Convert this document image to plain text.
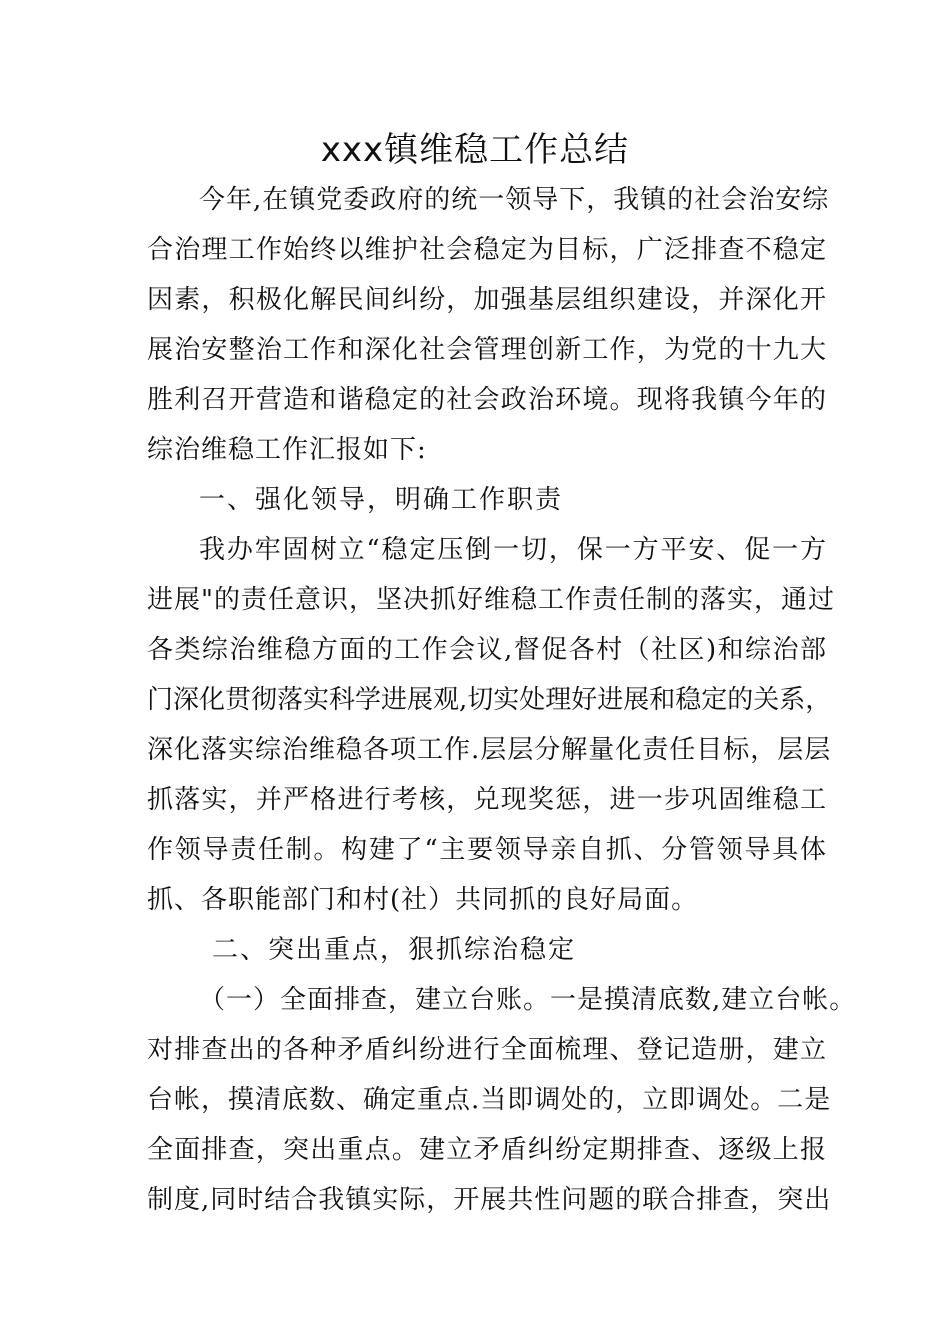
xxx镇维稳工作总结
今年,在镇党委政府的统一领导下，我镇的社会治安综
合治理工作始终以维护社会稳定为目标，广泛排查不稳定
因素，积极化解民间纠纷，加强基层组织建设，并深化开
展治安整治工作和深化社会管理创新工作，为党的十九大
胜利召开营造和谐稳定的社会政治环境。现将我镇今年的
综治维稳工作汇报如下:
一、强化领导，明确工作职责
我办牢固树立“稳定压倒一切，保一方平安、促一方
进展"的责任意识，坚决抓好维稳工作责任制的落实，通过
各类综治维稳方面的工作会议,督促各村（社区)和综治部
门深化贯彻落实科学进展观,切实处理好进展和稳定的关系，
深化落实综治维稳各项工作.层层分解量化责任目标，层层
抓落实，并严格进行考核，兑现奖惩，进一步巩固维稳工
作领导责任制。构建了“主要领导亲自抓、分管领导具体
抓、各职能部门和村(社）共同抓的良好局面。
二、突出重点，狠抓综治稳定
（一）全面排查，建立台账。一是摸清底数,建立台帐。
对排查出的各种矛盾纠纷进行全面梳理、登记造册，建立
台帐，摸清底数、确定重点.当即调处的，立即调处。二是
全面排查，突出重点。建立矛盾纠纷定期排查、逐级上报
制度,同时结合我镇实际，开展共性问题的联合排查，突出
